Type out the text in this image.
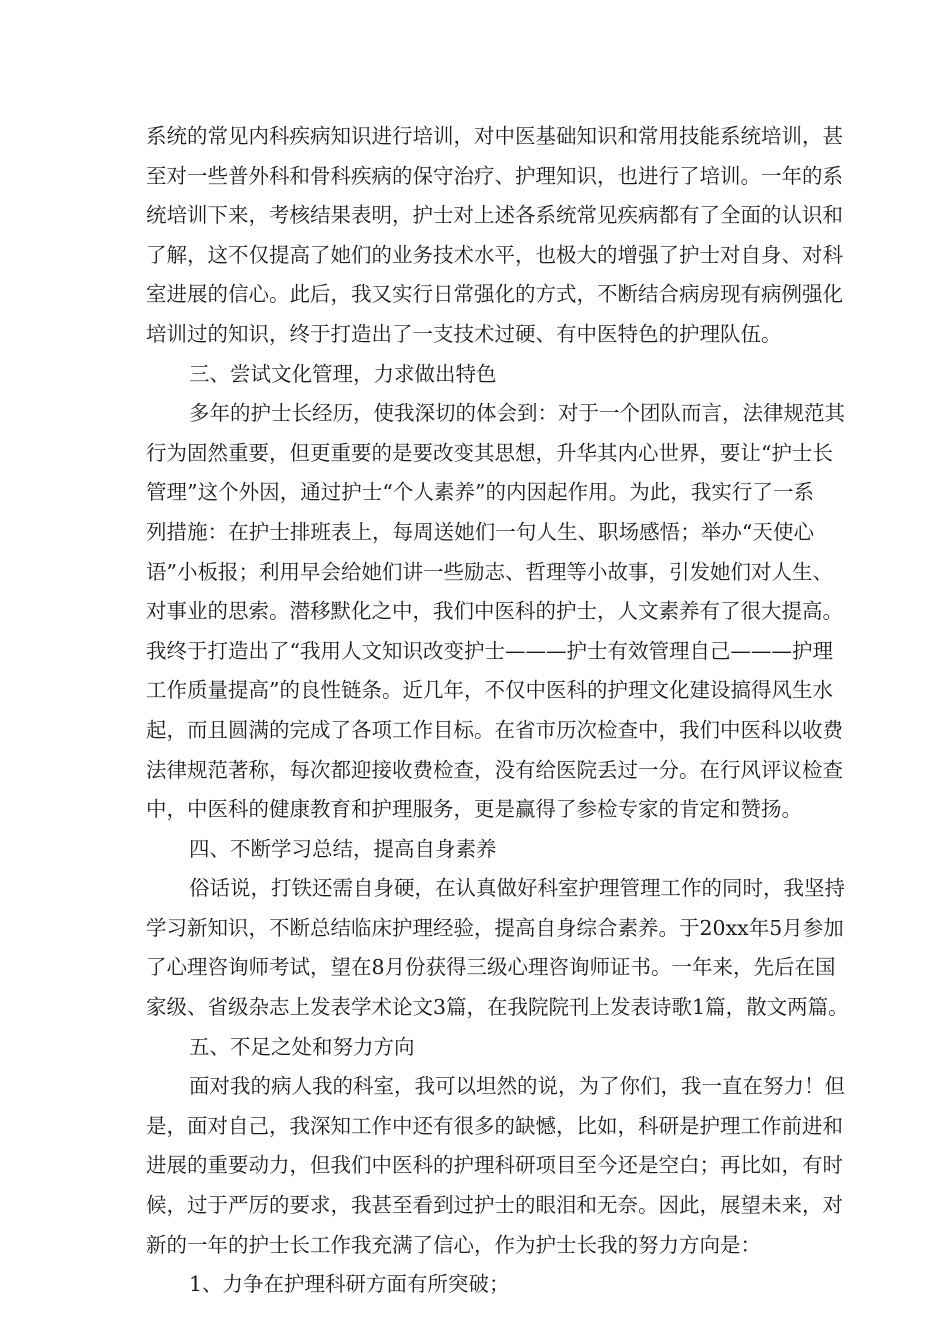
系统的常见内科疾病知识进行培训，对中医基础知识和常用技能系统培训，甚
至对一些普外科和骨科疾病的保守治疗、护理知识，也进行了培训。一年的系
统培训下来，考核结果表明，护士对上述各系统常见疾病都有了全面的认识和
了解，这不仅提高了她们的业务技术水平，也极大的增强了护士对自身、对科
室进展的信心。此后，我又实行日常强化的方式，不断结合病房现有病例强化
培训过的知识，终于打造出了一支技术过硬、有中医特色的护理队伍。
三、尝试文化管理，力求做出特色
多年的护士长经历，使我深切的体会到：对于一个团队而言，法律规范其
行为固然重要，但更重要的是要改变其思想，升华其内心世界，要让“护士长
管理”这个外因，通过护士“个人素养”的内因起作用。为此，我实行了一系
列措施：在护士排班表上，每周送她们一句人生、职场感悟；举办“天使心
语”小板报；利用早会给她们讲一些励志、哲理等小故事，引发她们对人生、
对事业的思索。潜移默化之中，我们中医科的护士，人文素养有了很大提高。
我终于打造出了“我用人文知识改变护士———护士有效管理自己———护理
工作质量提高”的良性链条。近几年，不仅中医科的护理文化建设搞得风生水
起，而且圆满的完成了各项工作目标。在省市历次检查中，我们中医科以收费
法律规范著称，每次都迎接收费检查，没有给医院丢过一分。在行风评议检查
中，中医科的健康教育和护理服务，更是赢得了参检专家的肯定和赞扬。
四、不断学习总结，提高自身素养
俗话说，打铁还需自身硬，在认真做好科室护理管理工作的同时，我坚持
学习新知识，不断总结临床护理经验，提高自身综合素养。于20xx年5月参加
了心理咨询师考试，望在8月份获得三级心理咨询师证书。一年来，先后在国
家级、省级杂志上发表学术论文3篇，在我院院刊上发表诗歌1篇，散文两篇。
五、不足之处和努力方向
面对我的病人我的科室，我可以坦然的说，为了你们，我一直在努力！但
是，面对自己，我深知工作中还有很多的缺憾，比如，科研是护理工作前进和
进展的重要动力，但我们中医科的护理科研项目至今还是空白；再比如，有时
候，过于严厉的要求，我甚至看到过护士的眼泪和无奈。因此，展望未来，对
新的一年的护士长工作我充满了信心，作为护士长我的努力方向是：
1、力争在护理科研方面有所突破；
